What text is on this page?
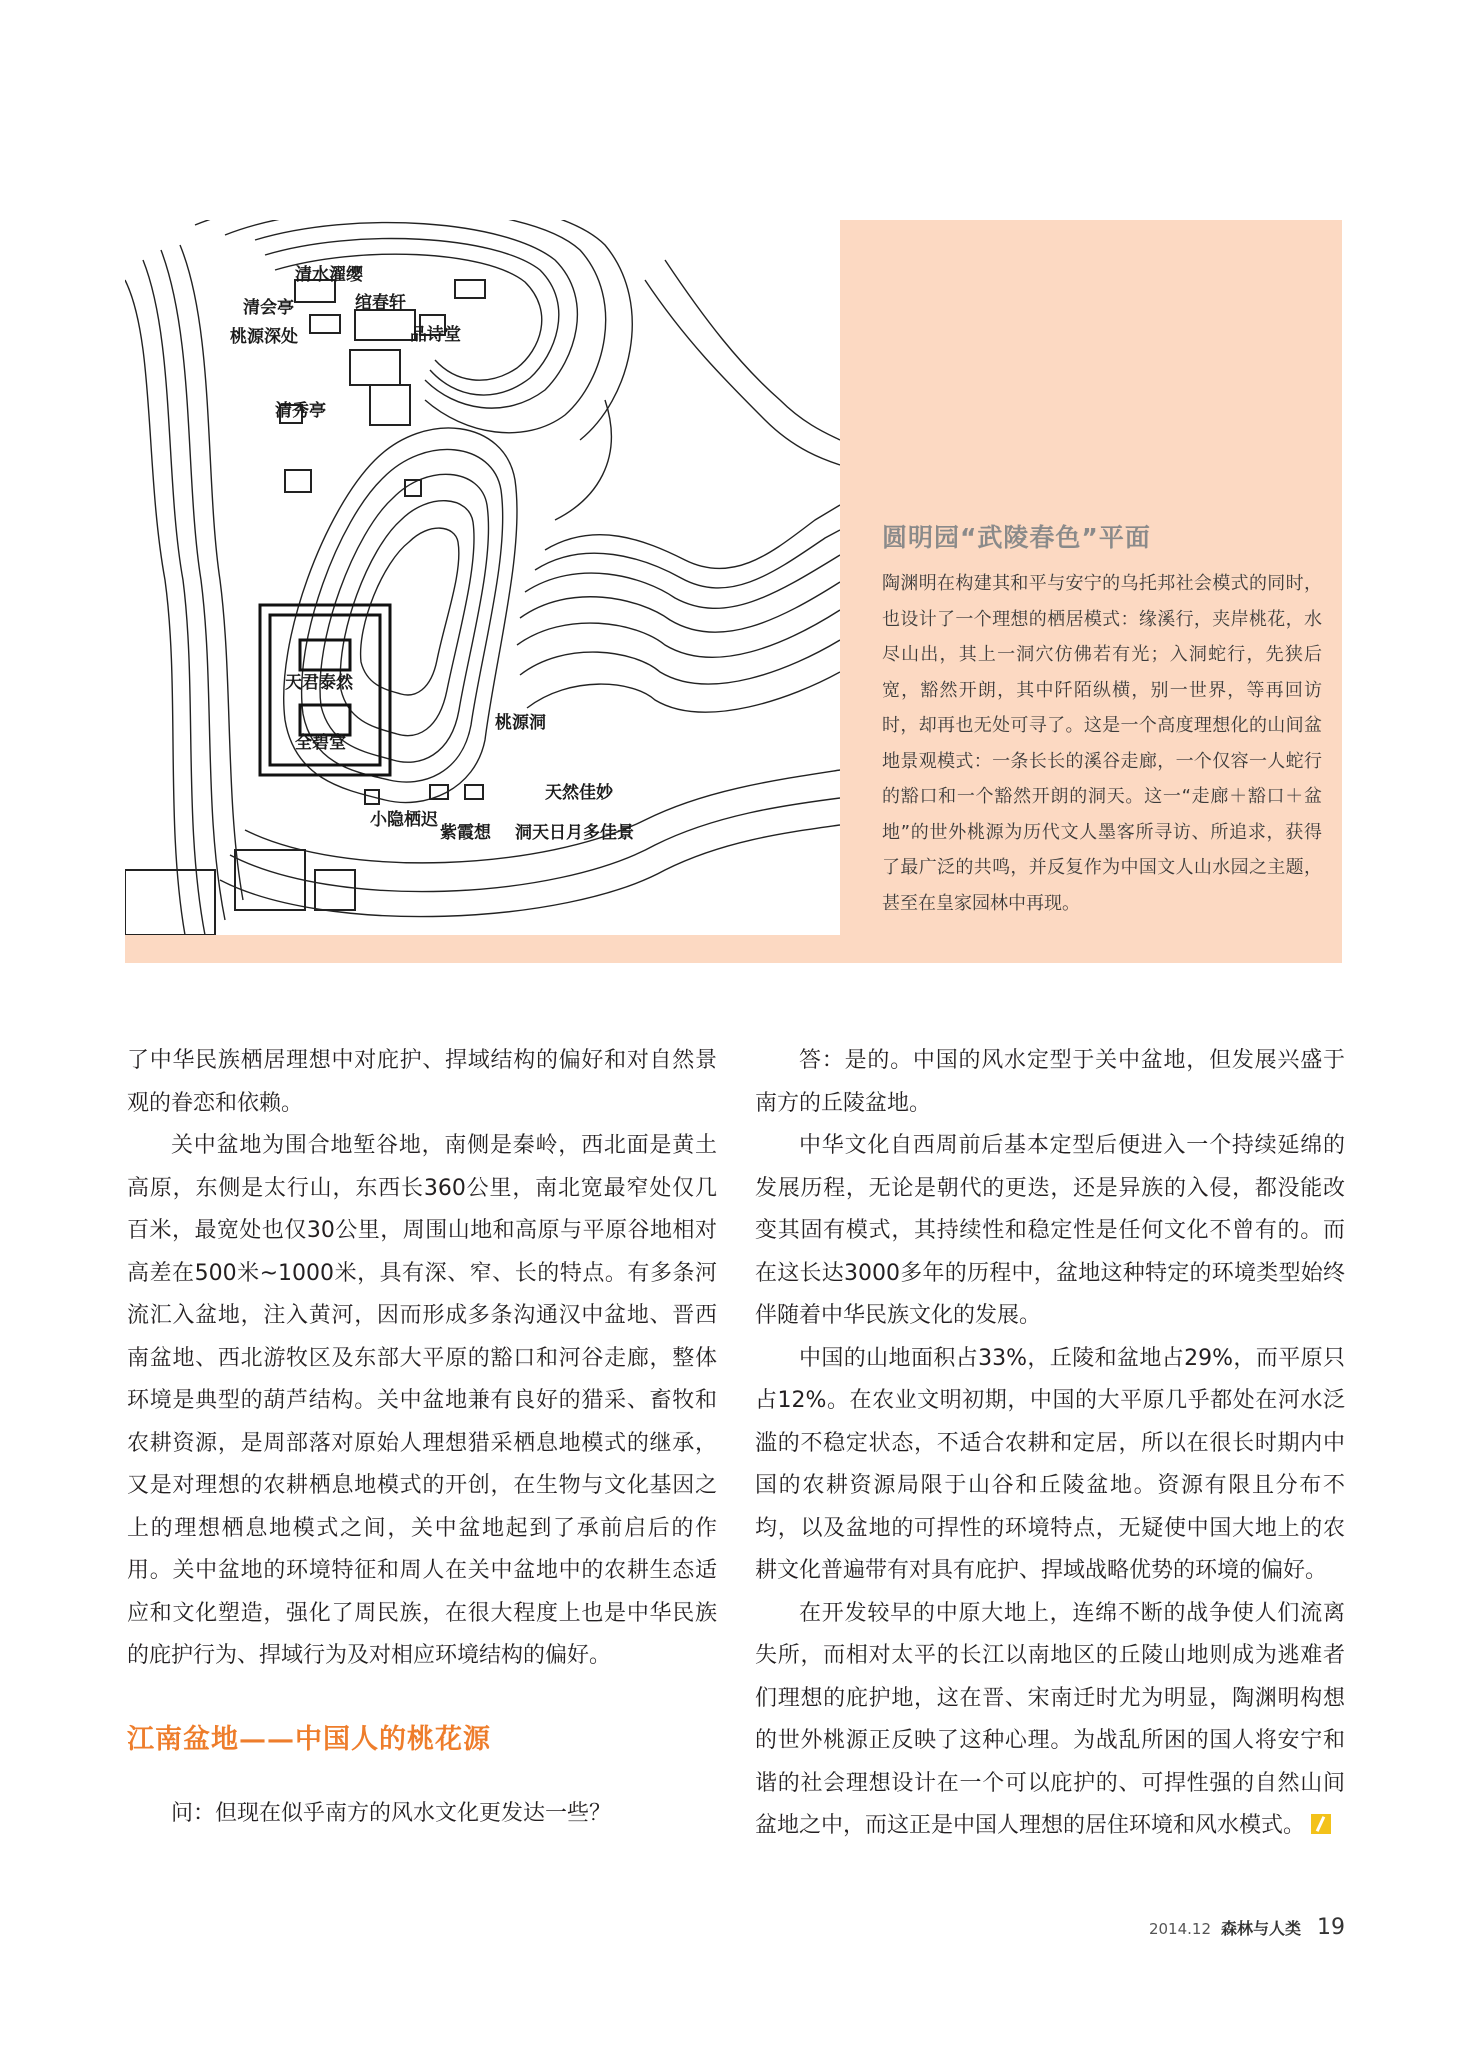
清水濯缨
清会亭	绾春轩
品诗堂
桃源深处
清秀亭
天君泰然
全碧堂
桃源洞
小隐栖迟
天然佳妙
紫霞想 洞天日月多佳景
圆明园“武陵春色”平面

陶渊明在构建其和平与安宁的乌托邦社会模式的同时，也设计了一个理想的栖居模式：缘溪行，夹岸桃花，水尽山出，其上一洞穴仿佛若有光；入洞蛇行，先狭后宽，豁然开朗，其中阡陌纵横，别一世界，等再回访时，却再也无处可寻了。这是一个高度理想化的山间盆地景观模式：一条长长的溪谷走廊，一个仅容一人蛇行的豁口和一个豁然开朗的洞天。这一“走廊＋豁口＋盆地”的世外桃源为历代文人墨客所寻访、所追求，获得了最广泛的共鸣，并反复作为中国文人山水园之主题，甚至在皇家园林中再现。

了中华民族栖居理想中对庇护、捍域结构的偏好和对自然景观的眷恋和依赖。

关中盆地为围合地堑谷地，南侧是秦岭，西北面是黄土高原，东侧是太行山，东西长360公里，南北宽最窄处仅几百米，最宽处也仅30公里，周围山地和高原与平原谷地相对高差在500米~1000米，具有深、窄、长的特点。有多条河流汇入盆地，注入黄河，因而形成多条沟通汉中盆地、晋西南盆地、西北游牧区及东部大平原的豁口和河谷走廊，整体环境是典型的葫芦结构。关中盆地兼有良好的猎采、畜牧和农耕资源，是周部落对原始人理想猎采栖息地模式的继承，又是对理想的农耕栖息地模式的开创，在生物与文化基因之上的理想栖息地模式之间，关中盆地起到了承前启后的作用。关中盆地的环境特征和周人在关中盆地中的农耕生态适应和文化塑造，强化了周民族，在很大程度上也是中华民族的庇护行为、捍域行为及对相应环境结构的偏好。

江南盆地——中国人的桃花源

问：但现在似乎南方的风水文化更发达一些？

答：是的。中国的风水定型于关中盆地，但发展兴盛于南方的丘陵盆地。

中华文化自西周前后基本定型后便进入一个持续延绵的发展历程，无论是朝代的更迭，还是异族的入侵，都没能改变其固有模式，其持续性和稳定性是任何文化不曾有的。而在这长达3000多年的历程中，盆地这种特定的环境类型始终伴随着中华民族文化的发展。

中国的山地面积占33%，丘陵和盆地占29%，而平原只占12%。在农业文明初期，中国的大平原几乎都处在河水泛滥的不稳定状态，不适合农耕和定居，所以在很长时期内中国的农耕资源局限于山谷和丘陵盆地。资源有限且分布不均，以及盆地的可捍性的环境特点，无疑使中国大地上的农耕文化普遍带有对具有庇护、捍域战略优势的环境的偏好。

在开发较早的中原大地上，连绵不断的战争使人们流离失所，而相对太平的长江以南地区的丘陵山地则成为逃难者们理想的庇护地，这在晋、宋南迁时尤为明显，陶渊明构想的世外桃源正反映了这种心理。为战乱所困的国人将安宁和谐的社会理想设计在一个可以庇护的、可捍性强的自然山间盆地之中，而这正是中国人理想的居住环境和风水模式。

2014.12 森林与人类 19
